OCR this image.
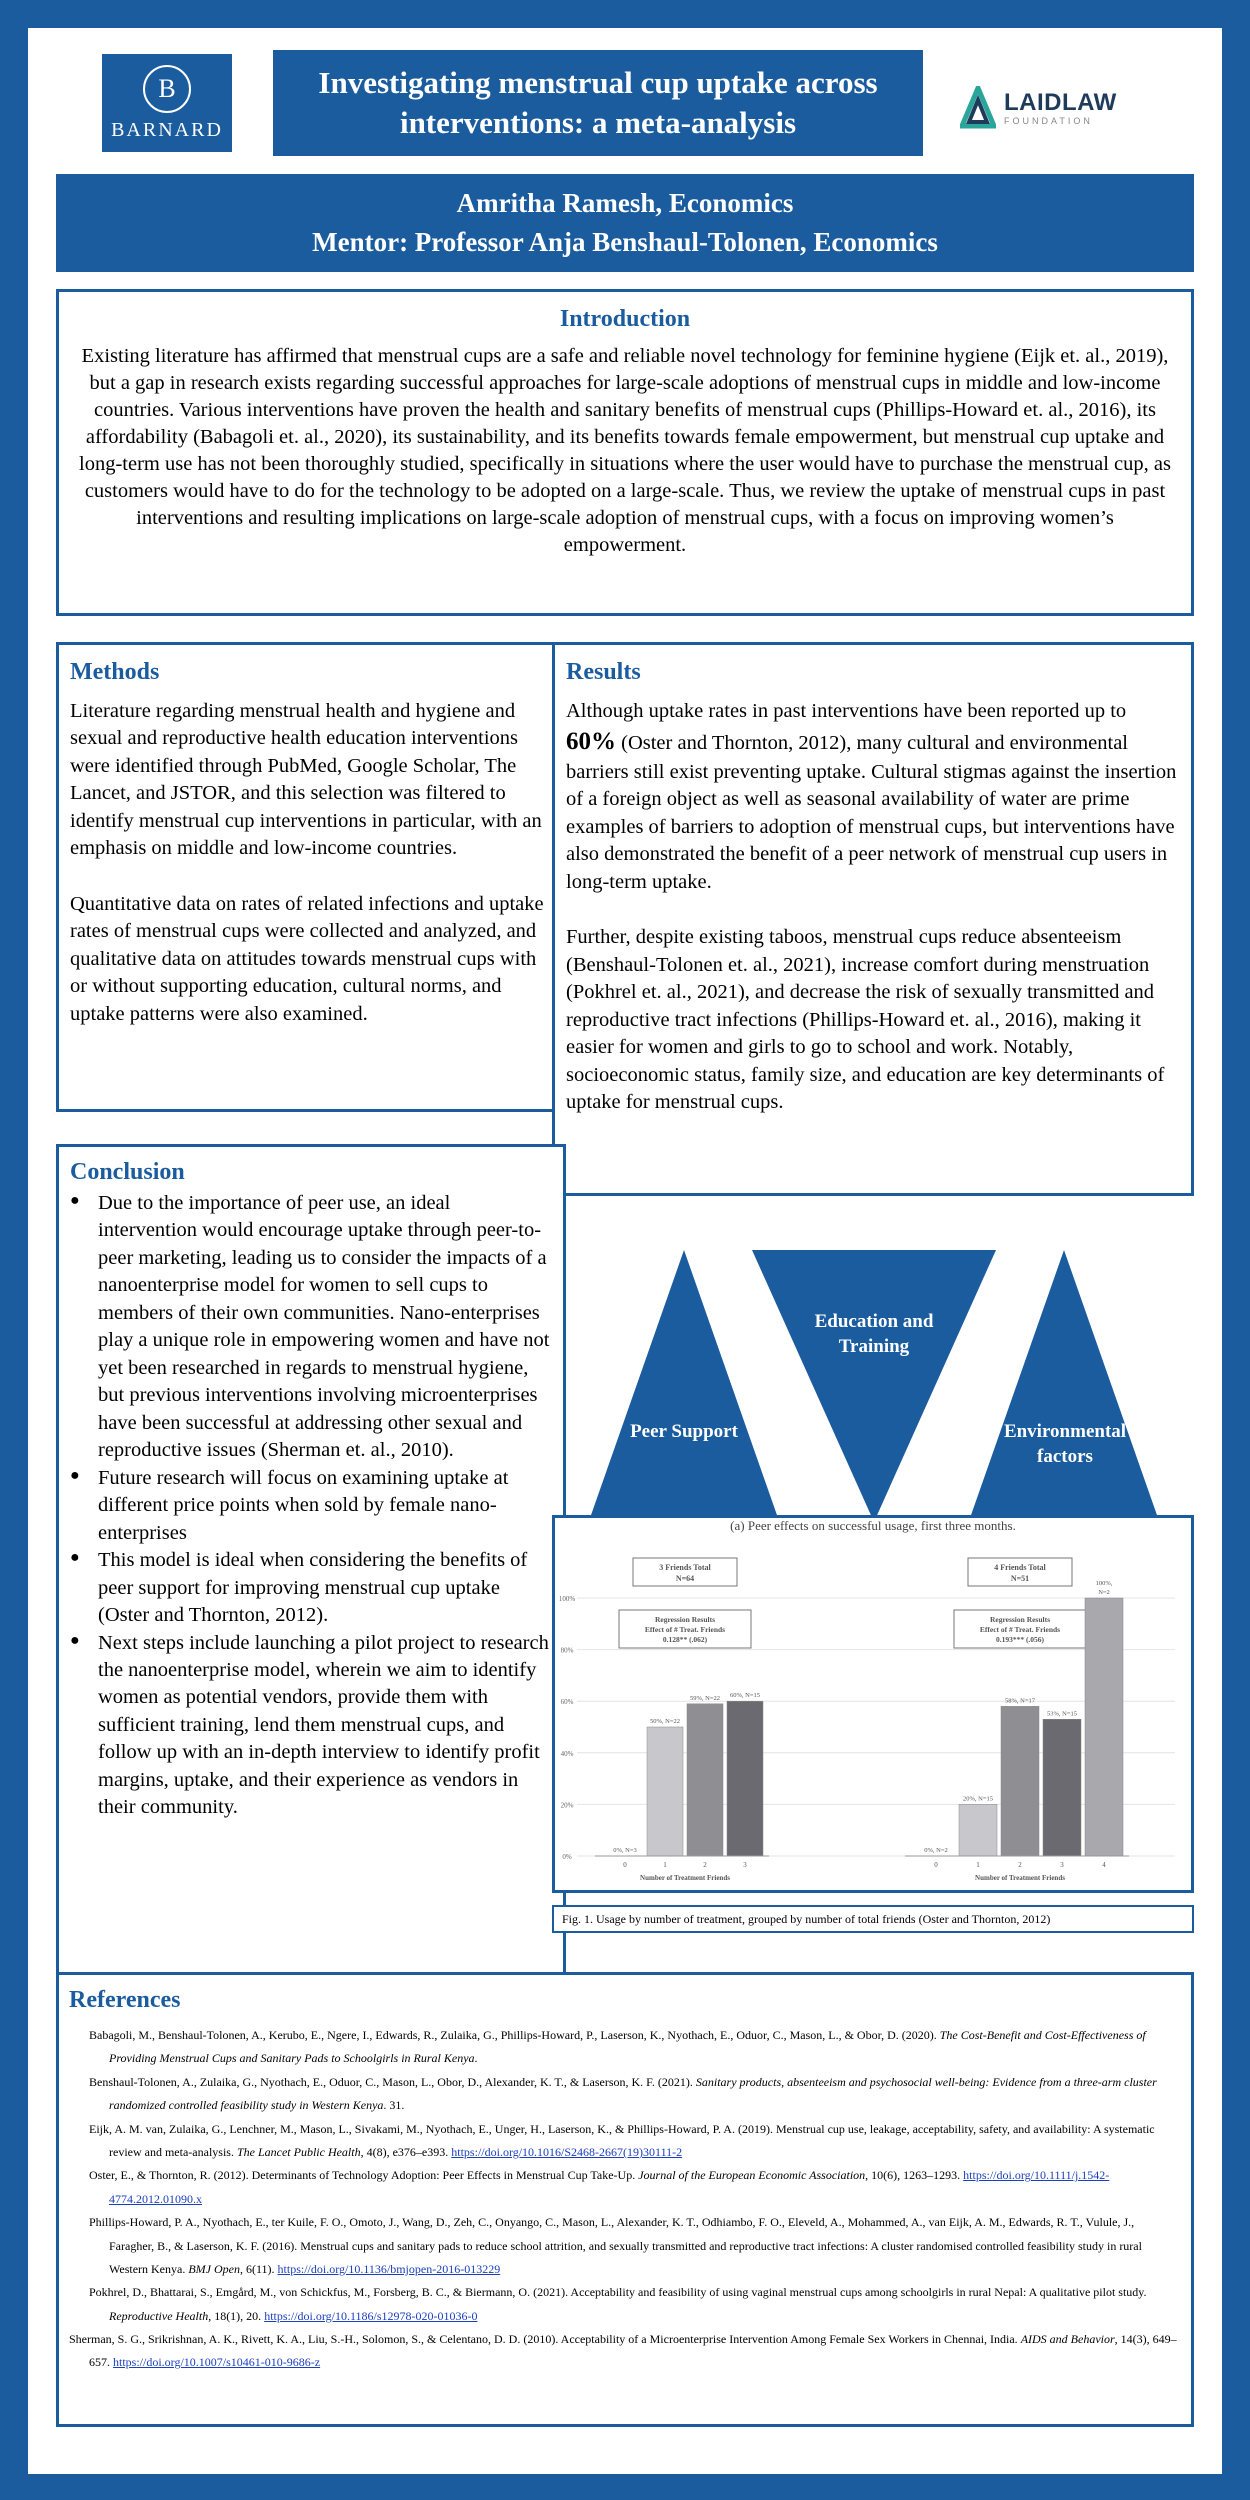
B
BARNARD
Investigating menstrual cup uptake across interventions: a meta-analysis
LAIDLAW
FOUNDATION
Amritha Ramesh, Economics
Mentor: Professor Anja Benshaul-Tolonen, Economics
Introduction

Existing literature has affirmed that menstrual cups are a safe and reliable novel technology for feminine hygiene (Eijk et. al., 2019), but a gap in research exists regarding successful approaches for large-scale adoptions of menstrual cups in middle and low-income countries. Various interventions have proven the health and sanitary benefits of menstrual cups (Phillips-Howard et. al., 2016), its affordability (Babagoli et. al., 2020), its sustainability, and its benefits towards female empowerment, but menstrual cup uptake and long-term use has not been thoroughly studied, specifically in situations where the user would have to purchase the menstrual cup, as customers would have to do for the technology to be adopted on a large-scale. Thus, we review the uptake of menstrual cups in past interventions and resulting implications on large-scale adoption of menstrual cups, with a focus on improving women’s empowerment.

Methods

Literature regarding menstrual health and hygiene and sexual and reproductive health education interventions were identified through PubMed, Google Scholar, The Lancet, and JSTOR, and this selection was filtered to identify menstrual cup interventions in particular, with an emphasis on middle and low-income countries.

Quantitative data on rates of related infections and uptake rates of menstrual cups were collected and analyzed, and qualitative data on attitudes towards menstrual cups with or without supporting education, cultural norms, and uptake patterns were also examined.

Results

Although uptake rates in past interventions have been reported up to 60% (Oster and Thornton, 2012), many cultural and environmental barriers still exist preventing uptake. Cultural stigmas against the insertion of a foreign object as well as seasonal availability of water are prime examples of barriers to adoption of menstrual cups, but interventions have also demonstrated the benefit of a peer network of menstrual cup users in long-term uptake.

Further, despite existing taboos, menstrual cups reduce absenteeism (Benshaul-Tolonen et. al., 2021), increase comfort during menstruation (Pokhrel et. al., 2021), and decrease the risk of sexually transmitted and reproductive tract infections (Phillips-Howard et. al., 2016), making it easier for women and girls to go to school and work. Notably, socioeconomic status, family size, and education are key determinants of uptake for menstrual cups.

Conclusion
● Due to the importance of peer use, an ideal intervention would encourage uptake through peer-to-peer marketing, leading us to consider the impacts of a nanoenterprise model for women to sell cups to members of their own communities. Nano-enterprises play a unique role in empowering women and have not yet been researched in regards to menstrual hygiene, but previous interventions involving microenterprises have been successful at addressing other sexual and reproductive issues (Sherman et. al., 2010).
● Future research will focus on examining uptake at different price points when sold by female nano-enterprises
● This model is ideal when considering the benefits of peer support for improving menstrual cup uptake (Oster and Thornton, 2012).
● Next steps include launching a pilot project to research the nanoenterprise model, wherein we aim to identify women as potential vendors, provide them with sufficient training, lend them menstrual cups, and follow up with an in-depth interview to identify profit margins, uptake, and their experience as vendors in their community.
Peer Support
Education and Training
Environmental factors
(a) Peer effects on successful usage, first three months.
0%
20%
40%
60%
80%
100%
3 Friends Total
N=64
Regression Results
Effect of # Treat. Friends
0.128** (.062)
0%, N=3
0
50%, N=22
1
59%, N=22
2
60%, N=15
3
Number of Treatment Friends
4 Friends Total
N=51
Regression Results
Effect of # Treat. Friends
0.193*** (.056)
0%, N=2
0
20%, N=15
1
58%, N=17
2
53%, N=15
3
100%,
N=2
4
Number of Treatment Friends
Fig. 1. Usage by number of treatment, grouped by number of total friends (Oster and Thornton, 2012)
References
Babagoli, M., Benshaul-Tolonen, A., Kerubo, E., Ngere, I., Edwards, R., Zulaika, G., Phillips-Howard, P., Laserson, K., Nyothach, E., Oduor, C., Mason, L., & Obor, D. (2020). The Cost-Benefit and Cost-Effectiveness of Providing Menstrual Cups and Sanitary Pads to Schoolgirls in Rural Kenya.
Benshaul-Tolonen, A., Zulaika, G., Nyothach, E., Oduor, C., Mason, L., Obor, D., Alexander, K. T., & Laserson, K. F. (2021). Sanitary products, absenteeism and psychosocial well-being: Evidence from a three-arm cluster randomized controlled feasibility study in Western Kenya. 31.
Eijk, A. M. van, Zulaika, G., Lenchner, M., Mason, L., Sivakami, M., Nyothach, E., Unger, H., Laserson, K., & Phillips-Howard, P. A. (2019). Menstrual cup use, leakage, acceptability, safety, and availability: A systematic review and meta-analysis. The Lancet Public Health, 4(8), e376–e393. https://doi.org/10.1016/S2468-2667(19)30111-2
Oster, E., & Thornton, R. (2012). Determinants of Technology Adoption: Peer Effects in Menstrual Cup Take-Up. Journal of the European Economic Association, 10(6), 1263–1293. https://doi.org/10.1111/j.1542-4774.2012.01090.x
Phillips-Howard, P. A., Nyothach, E., ter Kuile, F. O., Omoto, J., Wang, D., Zeh, C., Onyango, C., Mason, L., Alexander, K. T., Odhiambo, F. O., Eleveld, A., Mohammed, A., van Eijk, A. M., Edwards, R. T., Vulule, J., Faragher, B., & Laserson, K. F. (2016). Menstrual cups and sanitary pads to reduce school attrition, and sexually transmitted and reproductive tract infections: A cluster randomised controlled feasibility study in rural Western Kenya. BMJ Open, 6(11). https://doi.org/10.1136/bmjopen-2016-013229
Pokhrel, D., Bhattarai, S., Emgård, M., von Schickfus, M., Forsberg, B. C., & Biermann, O. (2021). Acceptability and feasibility of using vaginal menstrual cups among schoolgirls in rural Nepal: A qualitative pilot study. Reproductive Health, 18(1), 20. https://doi.org/10.1186/s12978-020-01036-0
Sherman, S. G., Srikrishnan, A. K., Rivett, K. A., Liu, S.-H., Solomon, S., & Celentano, D. D. (2010). Acceptability of a Microenterprise Intervention Among Female Sex Workers in Chennai, India. AIDS and Behavior, 14(3), 649–657. https://doi.org/10.1007/s10461-010-9686-z
